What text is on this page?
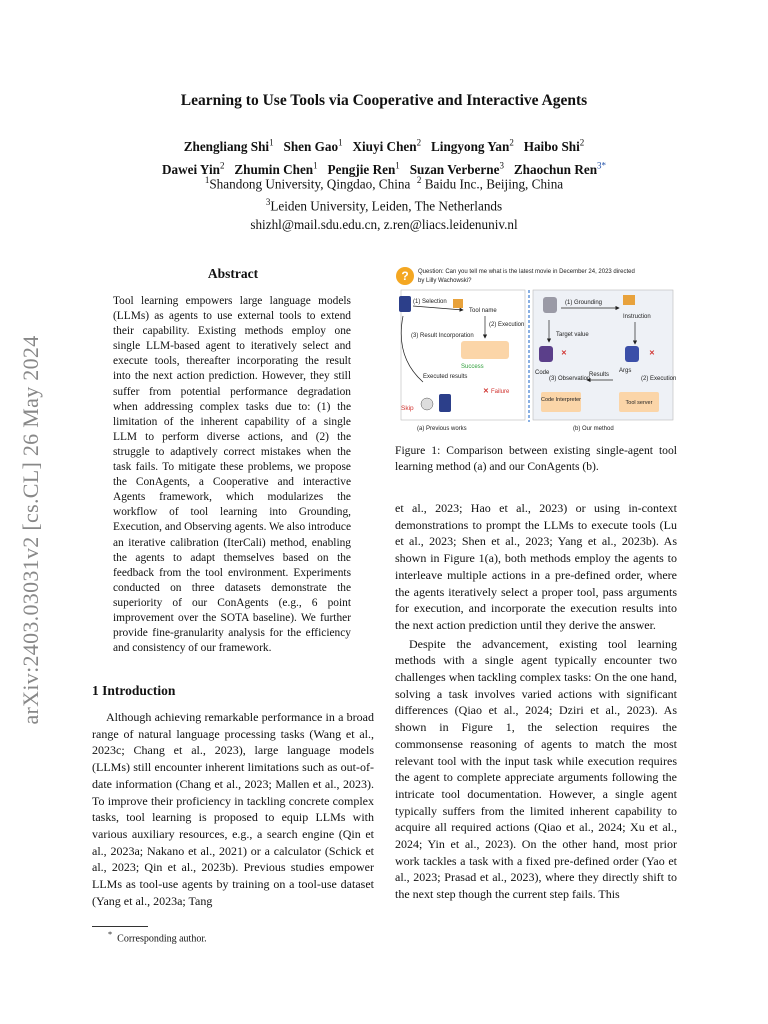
arXiv:2403.03031v2 [cs.CL] 26 May 2024
Learning to Use Tools via Cooperative and Interactive Agents
Zhengliang Shi$^1$ Shen Gao$^1$ Xiuyi Chen$^2$ Lingyong Yan$^2$ Haibo Shi$^2$
Dawei Yin$^2$ Zhumin Chen$^1$ Pengjie Ren$^1$ Suzan Verberne$^3$ Zhaochun Ren$^{3*}$
$^1$Shandong University, Qingdao, China $^2$ Baidu Inc., Beijing, China
$^3$Leiden University, Leiden, The Netherlands
shizhl@mail.sdu.edu.cn, z.ren@liacs.leidenuniv.nl
Abstract
Tool learning empowers large language models (LLMs) as agents to use external tools to extend their capability. Existing methods employ one single LLM-based agent to iteratively select and execute tools, thereafter incorporating the result into the next action prediction. However, they still suffer from potential performance degradation when addressing complex tasks due to: (1) the limitation of the inherent capability of a single LLM to perform diverse actions, and (2) the struggle to adaptively correct mistakes when the task fails. To mitigate these problems, we propose the ConAgents, a Cooperative and interactive Agents framework, which modularizes the workflow of tool learning into Grounding, Execution, and Observing agents. We also introduce an iterative calibration (IterCali) method, enabling the agents to adapt themselves based on the feedback from the tool environment. Experiments conducted on three datasets demonstrate the superiority of our ConAgents (e.g., 6 point improvement over the SOTA baseline). We further provide fine-granularity analysis for the efficiency and consistency of our framework.
1 Introduction

Although achieving remarkable performance in a broad range of natural language processing tasks (Wang et al., 2023c; Chang et al., 2023), large language models (LLMs) still encounter inherent limitations such as out-of-date information (Chang et al., 2023; Mallen et al., 2023). To improve their proficiency in tackling concrete complex tasks, tool learning is proposed to equip LLMs with various auxiliary resources, e.g., a search engine (Qin et al., 2023a; Nakano et al., 2021) or a calculator (Schick et al., 2023; Qin et al., 2023b). Previous studies empower LLMs as tool-use agents by training on a tool-use dataset (Yang et al., 2023a; Tang

? Question: Can you tell me what is the latest movie in December 24, 2023 directed
by Lilly Wachowski?
(1) Selection
Tool name
(2) Execution
(3) Result Incorporation
Success
Executed results
✕ Failure
Skip
(a) Previous works
(1) Grounding
Instruction
Target value
✕	✕
Code
(3) Observation
Results
Args
(2) Execution
Code Interpreter	Tool server
(b) Our method
Figure 1: Comparison between existing single-agent tool learning method (a) and our ConAgents (b).

et al., 2023; Hao et al., 2023) or using in-context demonstrations to prompt the LLMs to execute tools (Lu et al., 2023; Shen et al., 2023; Yang et al., 2023b). As shown in Figure 1(a), both methods employ the agents to interleave multiple actions in a pre-defined order, where the agents iteratively select a proper tool, pass arguments for execution, and incorporate the execution results into the next action prediction until they derive the answer.

Despite the advancement, existing tool learning methods with a single agent typically encounter two challenges when tackling complex tasks: On the one hand, solving a task involves varied actions with significant differences (Qiao et al., 2024; Dziri et al., 2023). As shown in Figure 1, the selection requires the commonsense reasoning of agents to match the most relevant tool with the input task while execution requires the agent to complete appreciate arguments following the intricate tool documentation. However, a single agent typically suffers from the limited inherent capability to acquire all required actions (Qiao et al., 2024; Xu et al., 2024; Yin et al., 2023). On the other hand, most prior work tackles a task with a fixed pre-defined order (Yao et al., 2023; Prasad et al., 2023), where they directly shift to the next step though the current step fails. This

* Corresponding author.
